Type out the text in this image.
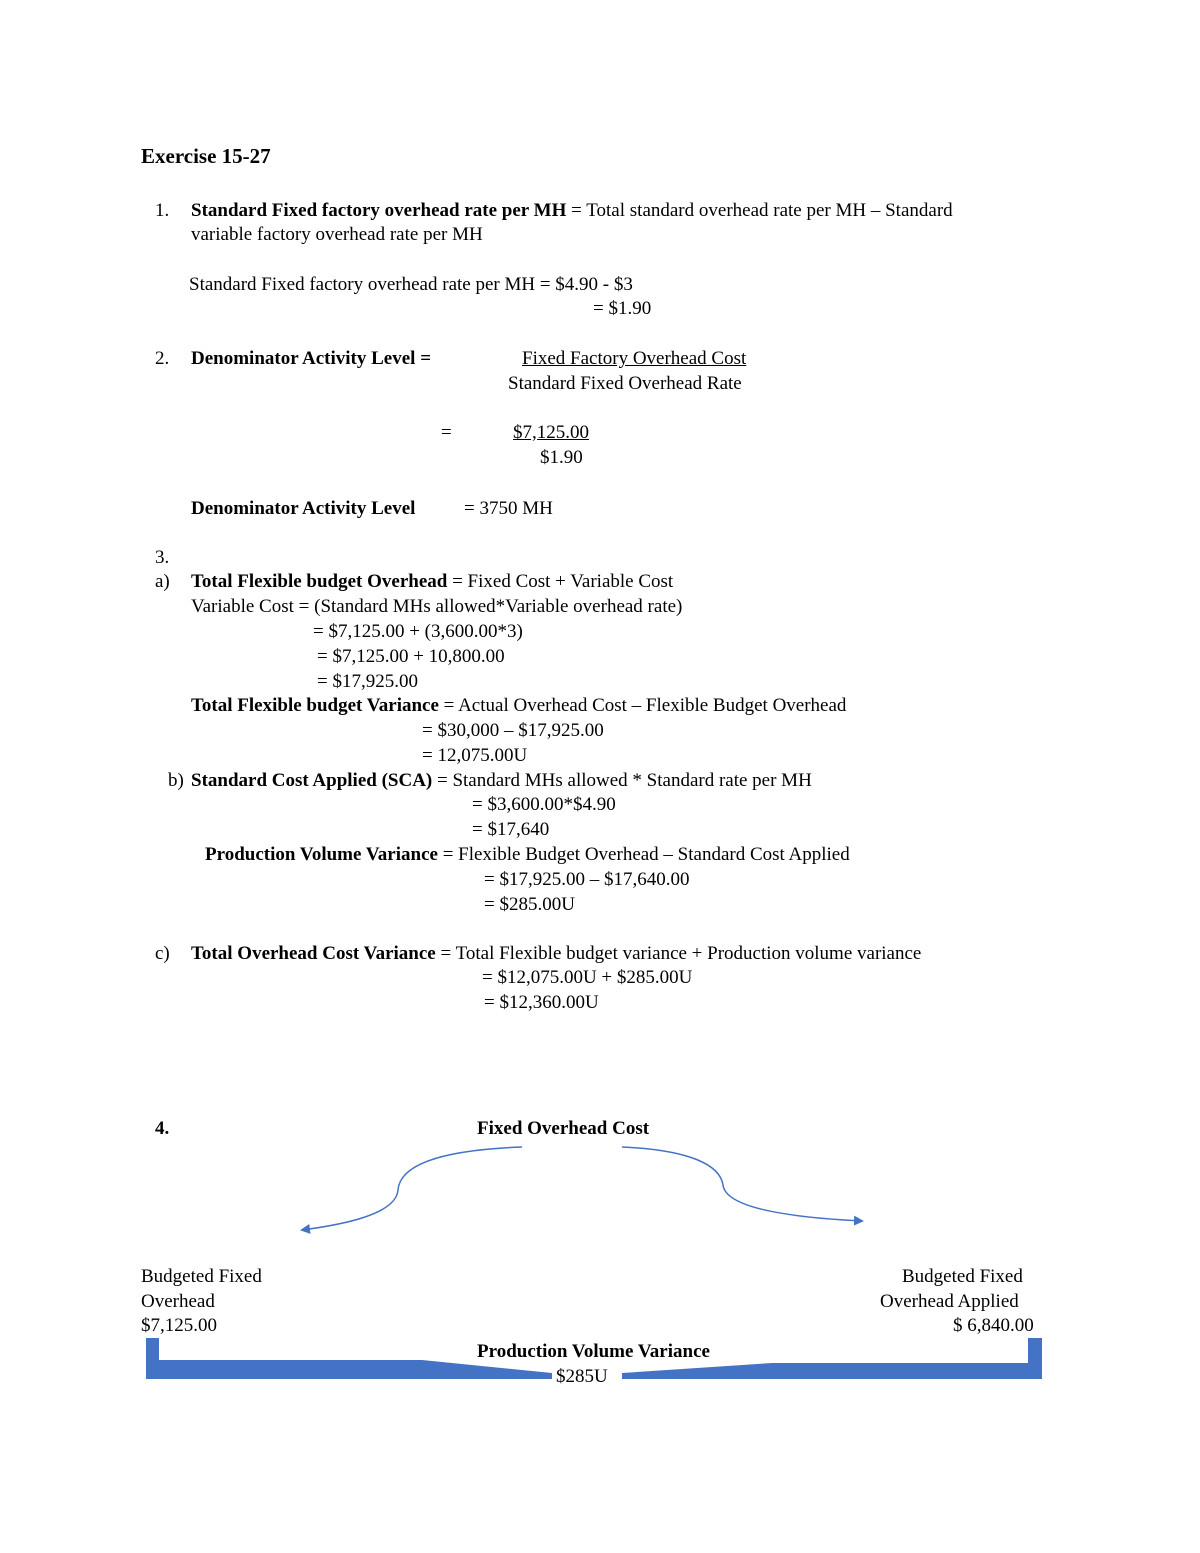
Exercise 15-27
1. Standard Fixed factory overhead rate per MH = Total standard overhead rate per MH – Standard
variable factory overhead rate per MH
Standard Fixed factory overhead rate per MH = $4.90 - $3
= $1.90
2. Denominator Activity Level =	Fixed Factory Overhead Cost
Standard Fixed Overhead Rate
=	$7,125.00
$1.90
Denominator Activity Level	= 3750 MH
3.
a) Total Flexible budget Overhead = Fixed Cost + Variable Cost
Variable Cost = (Standard MHs allowed*Variable overhead rate)
= $7,125.00 + (3,600.00*3)
= $7,125.00 + 10,800.00
= $17,925.00
Total Flexible budget Variance = Actual Overhead Cost – Flexible Budget Overhead
= $30,000 – $17,925.00
= 12,075.00U
b) Standard Cost Applied (SCA) = Standard MHs allowed * Standard rate per MH
= $3,600.00*$4.90
= $17,640
Production Volume Variance = Flexible Budget Overhead – Standard Cost Applied
= $17,925.00 – $17,640.00
= $285.00U
c) Total Overhead Cost Variance = Total Flexible budget variance + Production volume variance
= $12,075.00U + $285.00U
= $12,360.00U
4.	Fixed Overhead Cost
Budgeted Fixed
Overhead
$7,125.00
Budgeted Fixed
Overhead Applied
$ 6,840.00
Production Volume Variance
$285U
